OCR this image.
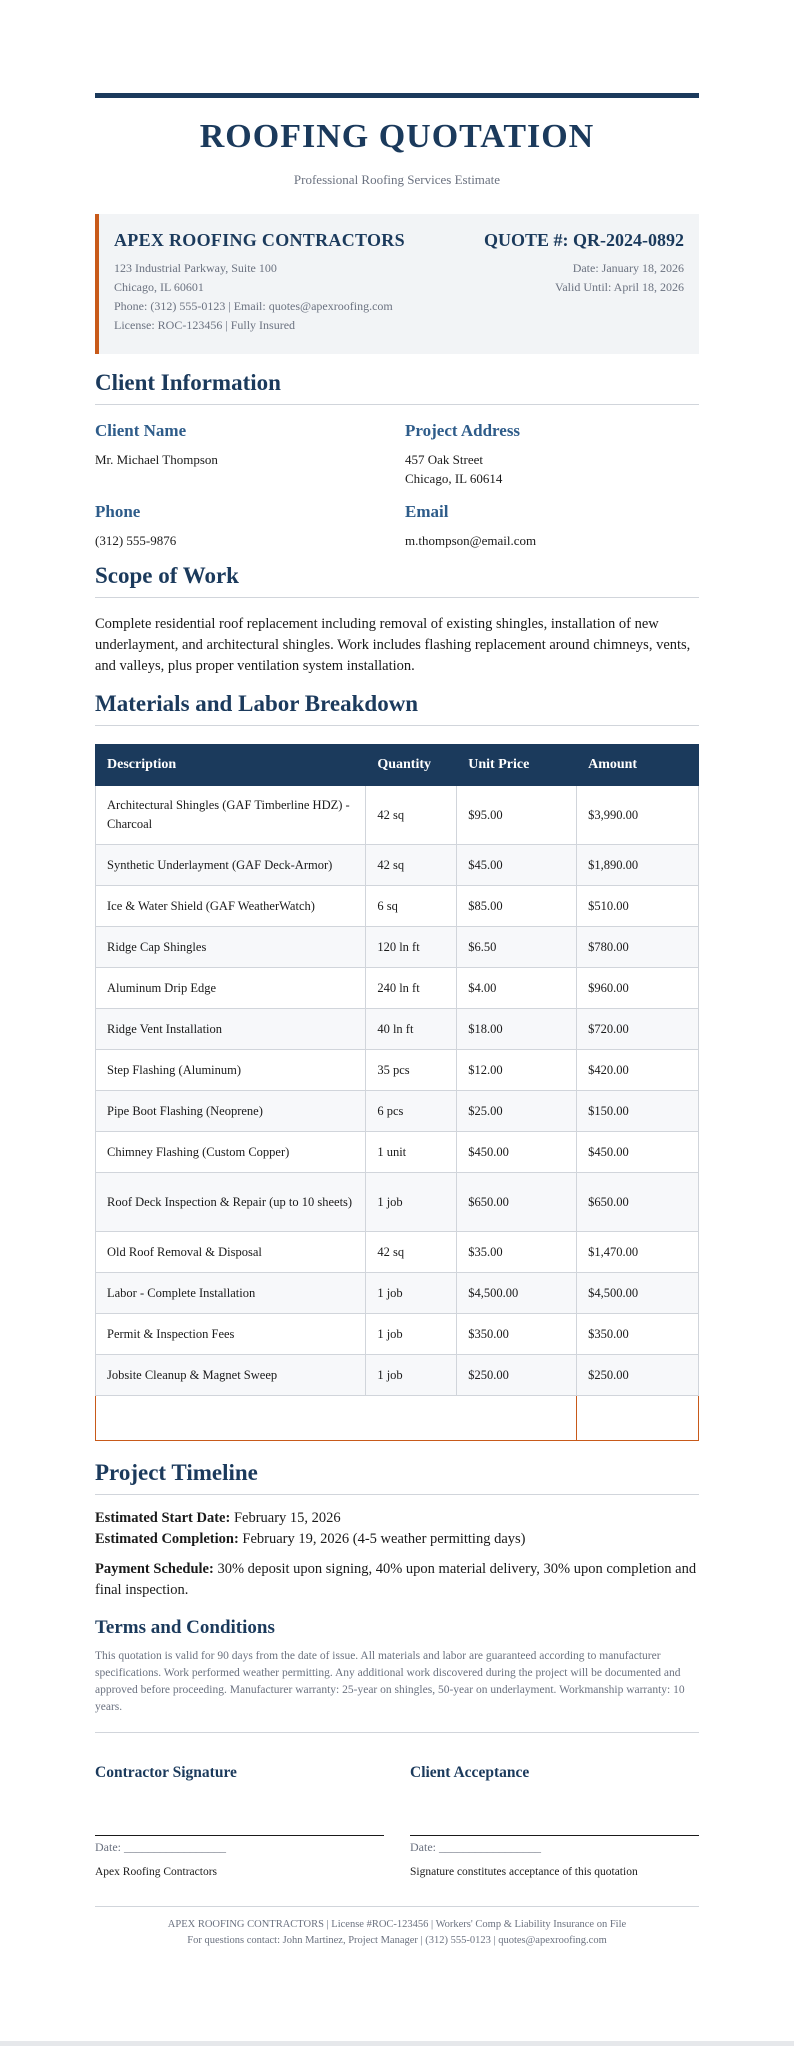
ROOFING QUOTATION
Professional Roofing Services Estimate
APEX ROOFING CONTRACTORS
123 Industrial Parkway, Suite 100
Chicago, IL 60601
Phone: (312) 555-0123 | Email: quotes@apexroofing.com
License: ROC-123456 | Fully Insured
QUOTE #: QR-2024-0892
Date: January 18, 2026
Valid Until: April 18, 2026
Client Information
Client Name
Mr. Michael Thompson
Project Address
457 Oak Street
Chicago, IL 60614
Phone
(312) 555-9876
Email
m.thompson@email.com
Scope of Work
Complete residential roof replacement including removal of existing shingles, installation of new underlayment, and architectural shingles. Work includes flashing replacement around chimneys, vents, and valleys, plus proper ventilation system installation.
Materials and Labor Breakdown
Description	Quantity	Unit Price	Amount
Architectural Shingles (GAF Timberline HDZ) - Charcoal	42 sq	$95.00	$3,990.00
Synthetic Underlayment (GAF Deck-Armor)	42 sq	$45.00	$1,890.00
Ice & Water Shield (GAF WeatherWatch)	6 sq	$85.00	$510.00
Ridge Cap Shingles	120 ln ft	$6.50	$780.00
Aluminum Drip Edge	240 ln ft	$4.00	$960.00
Ridge Vent Installation	40 ln ft	$18.00	$720.00
Step Flashing (Aluminum)	35 pcs	$12.00	$420.00
Pipe Boot Flashing (Neoprene)	6 pcs	$25.00	$150.00
Chimney Flashing (Custom Copper)	1 unit	$450.00	$450.00
Roof Deck Inspection & Repair (up to 10 sheets)	1 job	$650.00	$650.00
Old Roof Removal & Disposal	42 sq	$35.00	$1,470.00
Labor - Complete Installation	1 job	$4,500.00	$4,500.00
Permit & Inspection Fees	1 job	$350.00	$350.00
Jobsite Cleanup & Magnet Sweep	1 job	$250.00	$250.00
TOTAL QUOTATION			$16,690.00
Project Timeline
Estimated Start Date: February 15, 2026
Estimated Completion: February 19, 2026 (4-5 weather permitting days)
Payment Schedule: 30% deposit upon signing, 40% upon material delivery, 30% upon completion and final inspection.
Terms and Conditions
This quotation is valid for 90 days from the date of issue. All materials and labor are guaranteed according to manufacturer specifications. Work performed weather permitting. Any additional work discovered during the project will be documented and approved before proceeding. Manufacturer warranty: 25-year on shingles, 50-year on underlayment. Workmanship warranty: 10 years.
Contractor Signature
Date: _________________
Apex Roofing Contractors
Client Acceptance
Date: _________________
Signature constitutes acceptance of this quotation
APEX ROOFING CONTRACTORS | License #ROC-123456 | Workers' Comp & Liability Insurance on File
For questions contact: John Martinez, Project Manager | (312) 555-0123 | quotes@apexroofing.com
